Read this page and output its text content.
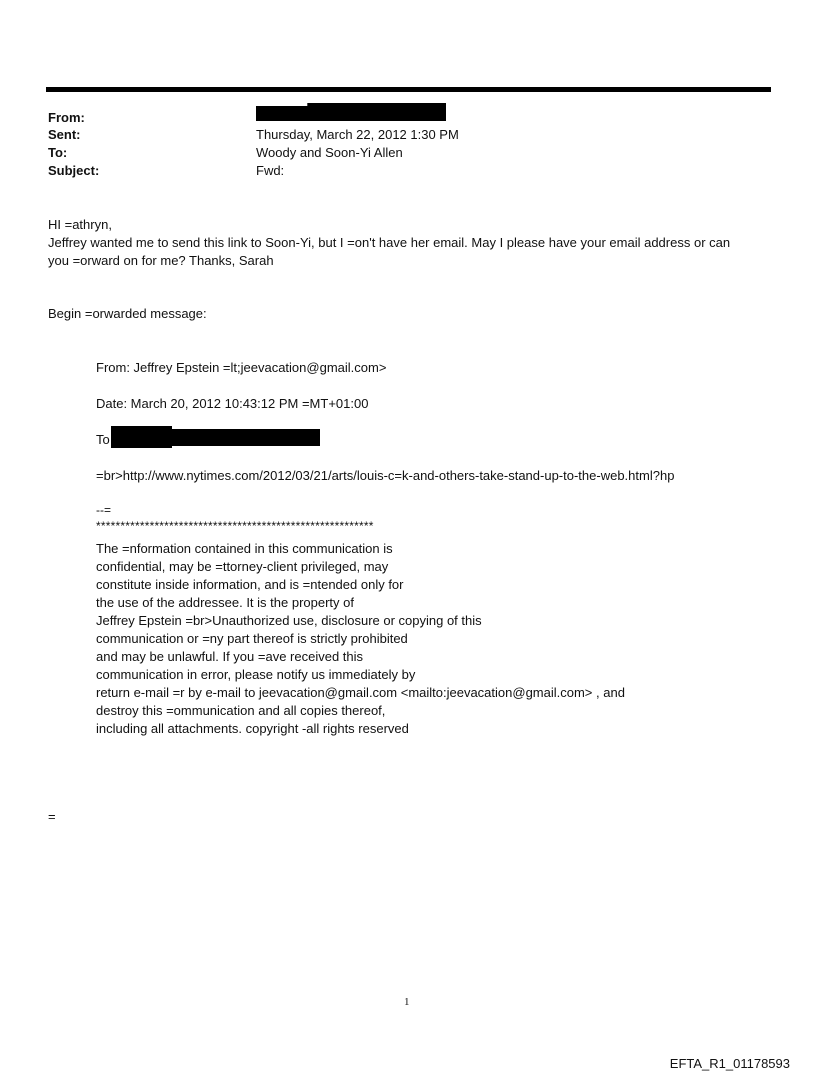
From:
Sent:	Thursday, March 22, 2012 1:30 PM
To:	Woody and Soon-Yi Allen
Subject:	Fwd:
HI =athryn,
Jeffrey wanted me to send this link to Soon-Yi, but I =on't have her email. May I please have your email address or can
you =orward on for me? Thanks, Sarah
Begin =orwarded message:
From: Jeffrey Epstein =lt;jeevacation@gmail.com>
Date: March 20, 2012 10:43:12 PM =MT+01:00
To
=br>http://www.nytimes.com/2012/03/21/arts/louis-c=k-and-others-take-stand-up-to-the-web.html?hp
--=
*********************************************************
The =nformation contained in this communication is
confidential, may be =ttorney-client privileged, may
constitute inside information, and is =ntended only for
the use of the addressee. It is the property of
Jeffrey Epstein =br>Unauthorized use, disclosure or copying of this
communication or =ny part thereof is strictly prohibited
and may be unlawful. If you =ave received this
communication in error, please notify us immediately by
return e-mail =r by e-mail to jeevacation@gmail.com <mailto:jeevacation@gmail.com> , and
destroy this =ommunication and all copies thereof,
including all attachments. copyright -all rights reserved
=
1
EFTA_R1_01178593
